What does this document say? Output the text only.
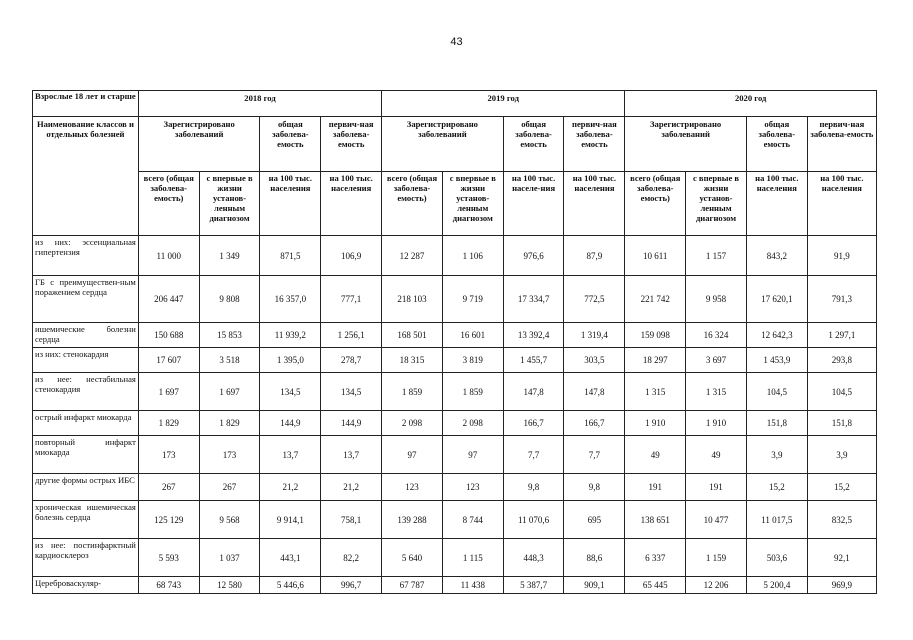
43
Взрослые 18 лет и старше	2018 год				2019 год				2020 год			
Наименование классов и отдельных болезней	Зарегистрировано заболеваний		общая заболева-емость	первич-ная заболева-емость	Зарегистрировано заболеваний		общая заболева-емость	первич-ная заболева-емость	Зарегистрировано заболеваний		общая заболева-емость	первич-ная заболева-емость
	всего (общая заболева-емость)	с впервые в жизни установ-ленным диагнозом	на 100 тыс. населения	на 100 тыс. населения	всего (общая заболева-емость)	с впервые в жизни установ-ленным диагнозом	на 100 тыс. населе-ния	на 100 тыс. населения	всего (общая заболева-емость)	с впервые в жизни установ-ленным диагнозом	на 100 тыс. населения	на 100 тыс. населения
из них: эссенциальная гипертензия	11 000	1 349	871,5	106,9	12 287	1 106	976,6	87,9	10 611	1 157	843,2	91,9
ГБ с преимуществен-ным поражением сердца	206 447	9 808	16 357,0	777,1	218 103	9 719	17 334,7	772,5	221 742	9 958	17 620,1	791,3
ишемические болезни сердца	150 688	15 853	11 939,2	1 256,1	168 501	16 601	13 392,4	1 319,4	159 098	16 324	12 642,3	1 297,1
из них: стенокардия	17 607	3 518	1 395,0	278,7	18 315	3 819	1 455,7	303,5	18 297	3 697	1 453,9	293,8
из нее: нестабильная стенокардия	1 697	1 697	134,5	134,5	1 859	1 859	147,8	147,8	1 315	1 315	104,5	104,5
острый инфаркт миокарда	1 829	1 829	144,9	144,9	2 098	2 098	166,7	166,7	1 910	1 910	151,8	151,8
повторный инфаркт миокарда	173	173	13,7	13,7	97	97	7,7	7,7	49	49	3,9	3,9
другие формы острых ИБС	267	267	21,2	21,2	123	123	9,8	9,8	191	191	15,2	15,2
хроническая ишемическая болезнь сердца	125 129	9 568	9 914,1	758,1	139 288	8 744	11 070,6	695	138 651	10 477	11 017,5	832,5
из нее: постинфарктный кардиосклероз	5 593	1 037	443,1	82,2	5 640	1 115	448,3	88,6	6 337	1 159	503,6	92,1
Цереброваскуляр-	68 743	12 580	5 446,6	996,7	67 787	11 438	5 387,7	909,1	65 445	12 206	5 200,4	969,9
